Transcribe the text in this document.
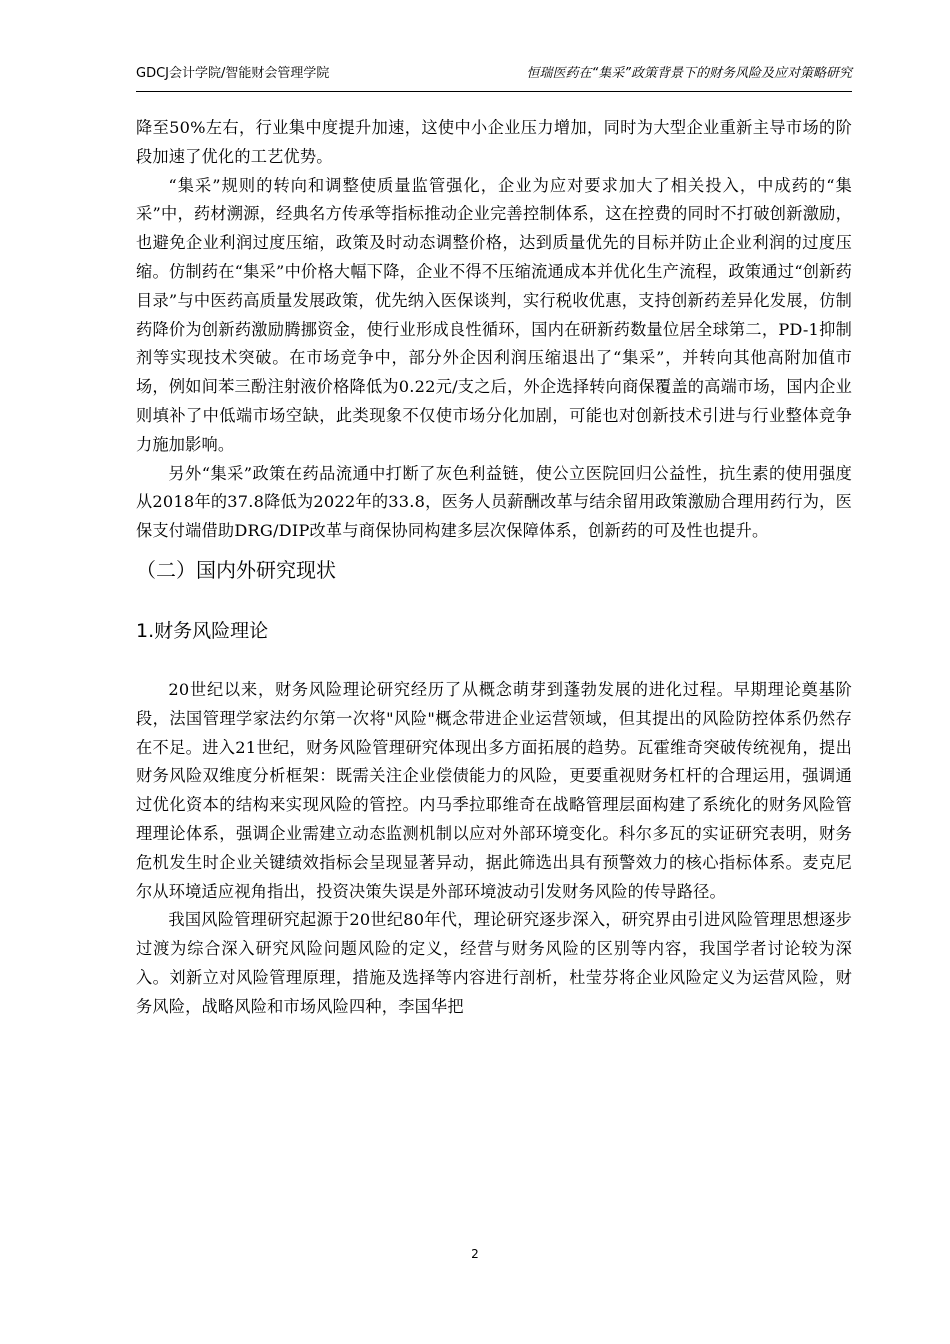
GDCJ会计学院/智能财会管理学院	恒瑞医药在“集采”政策背景下的财务风险及应对策略研究

降至50%左右，行业集中度提升加速，这使中小企业压力增加，同时为大型企业重新主导市场的阶段加速了优化的工艺优势。

“集采”规则的转向和调整使质量监管强化，企业为应对要求加大了相关投入，中成药的“集采”中，药材溯源，经典名方传承等指标推动企业完善控制体系，这在控费的同时不打破创新激励，也避免企业利润过度压缩，政策及时动态调整价格，达到质量优先的目标并防止企业利润的过度压缩。仿制药在“集采”中价格大幅下降，企业不得不压缩流通成本并优化生产流程，政策通过“创新药目录”与中医药高质量发展政策，优先纳入医保谈判，实行税收优惠，支持创新药差异化发展，仿制药降价为创新药激励腾挪资金，使行业形成良性循环，国内在研新药数量位居全球第二，PD-1抑制剂等实现技术突破。在市场竞争中，部分外企因利润压缩退出了“集采”，并转向其他高附加值市场，例如间苯三酚注射液价格降低为0.22元/支之后，外企选择转向商保覆盖的高端市场，国内企业则填补了中低端市场空缺，此类现象不仅使市场分化加剧，可能也对创新技术引进与行业整体竞争力施加影响。

另外“集采”政策在药品流通中打断了灰色利益链，使公立医院回归公益性，抗生素的使用强度从2018年的37.8降低为2022年的33.8，医务人员薪酬改革与结余留用政策激励合理用药行为，医保支付端借助DRG/DIP改革与商保协同构建多层次保障体系，创新药的可及性也提升。

（二）国内外研究现状
1.财务风险理论

20世纪以来，财务风险理论研究经历了从概念萌芽到蓬勃发展的进化过程。早期理论奠基阶段，法国管理学家法约尔第一次将"风险"概念带进企业运营领域，但其提出的风险防控体系仍然存在不足。进入21世纪，财务风险管理研究体现出多方面拓展的趋势。瓦霍维奇突破传统视角，提出财务风险双维度分析框架：既需关注企业偿债能力的风险，更要重视财务杠杆的合理运用，强调通过优化资本的结构来实现风险的管控。内马季拉耶维奇在战略管理层面构建了系统化的财务风险管理理论体系，强调企业需建立动态监测机制以应对外部环境变化。科尔多瓦的实证研究表明，财务危机发生时企业关键绩效指标会呈现显著异动，据此筛选出具有预警效力的核心指标体系。麦克尼尔从环境适应视角指出，投资决策失误是外部环境波动引发财务风险的传导路径。

我国风险管理研究起源于20世纪80年代，理论研究逐步深入，研究界由引进风险管理思想逐步过渡为综合深入研究风险问题风险的定义，经营与财务风险的区别等内容，我国学者讨论较为深入。刘新立对风险管理原理，措施及选择等内容进行剖析，杜莹芬将企业风险定义为运营风险，财务风险，战略风险和市场风险四种，李国华把

2
